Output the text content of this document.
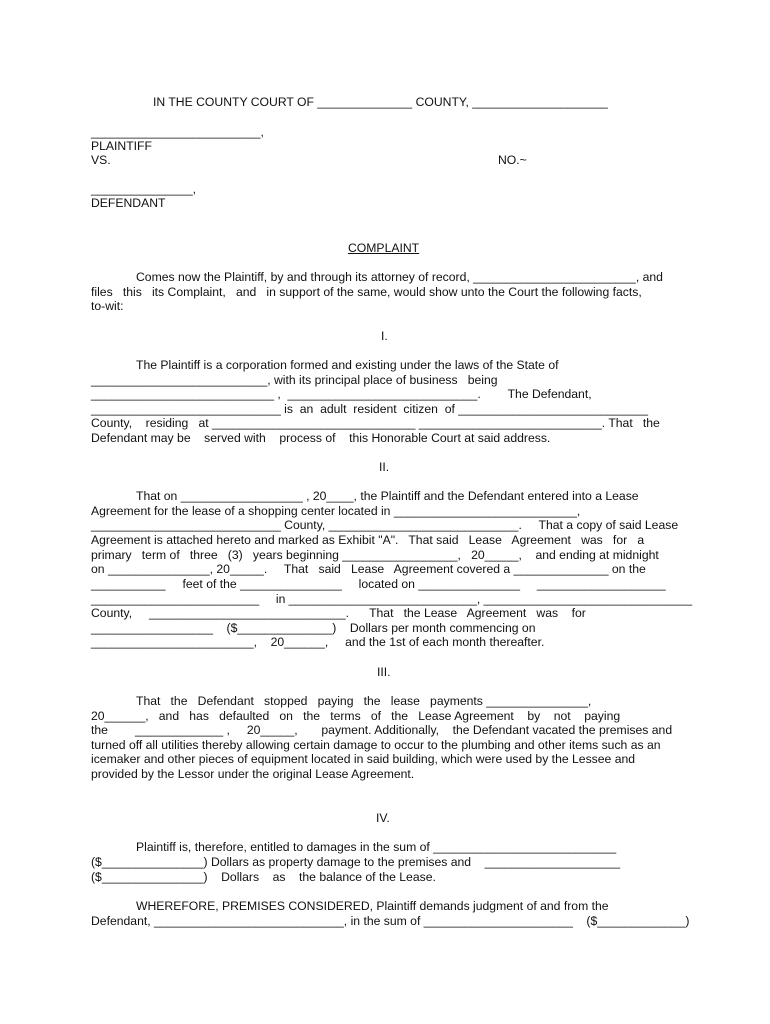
IN THE COUNTY COURT OF ______________ COUNTY, ____________________
_________________________,
PLAINTIFF
VS.	NO.~
_______________,
DEFENDANT
COMPLAINT
Comes now the Plaintiff, by and through its attorney of record, ________________________, and
files   this   its Complaint,   and   in support of the same, would show unto the Court the following facts,
to-wit:
I.
The Plaintiff is a corporation formed and existing under the laws of the State of
__________________________, with its principal place of business   being
___________________________ ,  ____________________________.        The Defendant,
____________________________ is  an  adult  resident  citizen  of ____________________________
County,    residing   at ______________________________ ___________________________. That   the
Defendant may be    served with    process of    this Honorable Court at said address.
II.
That on __________________ , 20____, the Plaintiff and the Defendant entered into a Lease
Agreement for the lease of a shopping center located in ___________________________,
____________________________ County, ____________________________.     That a copy of said Lease
Agreement is attached hereto and marked as Exhibit "A".   That said   Lease   Agreement   was   for   a
primary   term of   three   (3)   years beginning _________________,   20_____,    and ending at midnight
on _______________, 20_____.     That   said   Lease   Agreement covered a ______________ on the
___________     feet of the _______________     located on _______________     ___________________
_________________________     in ____________________________, _______________________________
County,     _____________________________.      That   the Lease   Agreement   was    for
__________________    ($______________)    Dollars per month commencing on
________________________,    20______,     and the 1st of each month thereafter.
III.
That   the   Defendant   stopped   paying   the   lease   payments _______________,
20______,   and   has   defaulted   on   the   terms   of   the   Lease Agreement    by    not    paying
the        _____________ ,     20_____,       payment. Additionally,    the Defendant vacated the premises and
turned off all utilities thereby allowing certain damage to occur to the plumbing and other items such as an
icemaker and other pieces of equipment located in said building, which were used by the Lessee and
provided by the Lessor under the original Lease Agreement.
IV.
Plaintiff is, therefore, entitled to damages in the sum of ___________________________
($_______________) Dollars as property damage to the premises and    ____________________
($_______________)    Dollars    as    the balance of the Lease.
WHEREFORE, PREMISES CONSIDERED, Plaintiff demands judgment of and from the
Defendant, ____________________________, in the sum of ______________________    ($_____________)
